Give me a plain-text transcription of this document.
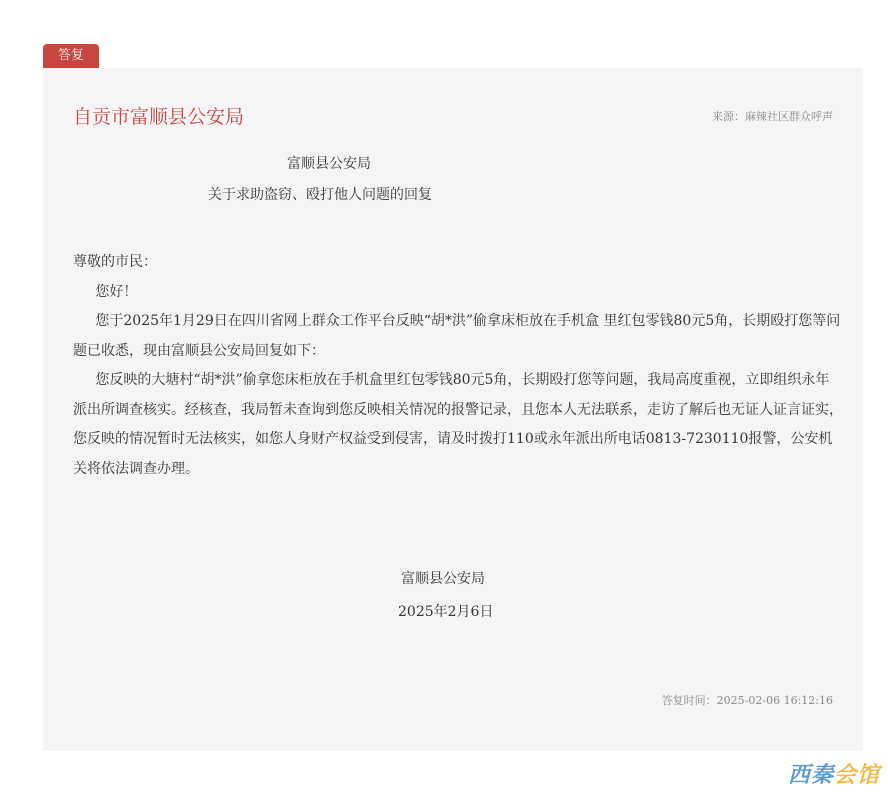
答复
自贡市富顺县公安局	来源：麻辣社区群众呼声
富顺县公安局
关于求助盗窃、殴打他人问题的回复

尊敬的市民：

您好！

您于2025年1月29日在四川省网上群众工作平台反映“胡*洪”偷拿床柜放在手机盒 里红包零钱80元5角，长期殴打您等问题已收悉，现由富顺县公安局回复如下：

您反映的大塘村“胡*洪”偷拿您床柜放在手机盒里红包零钱80元5角，长期殴打您等问题，我局高度重视，立即组织永年派出所调查核实。经核查，我局暂未查询到您反映相关情况的报警记录，且您本人无法联系，走访了解后也无证人证言证实，您反映的情况暂时无法核实，如您人身财产权益受到侵害，请及时拨打110或永年派出所电话0813-7230110报警，公安机关将依法调查办理。

富顺县公安局
2025年2月6日
答复时间：2025-02-06 16:12:16
西秦会馆
